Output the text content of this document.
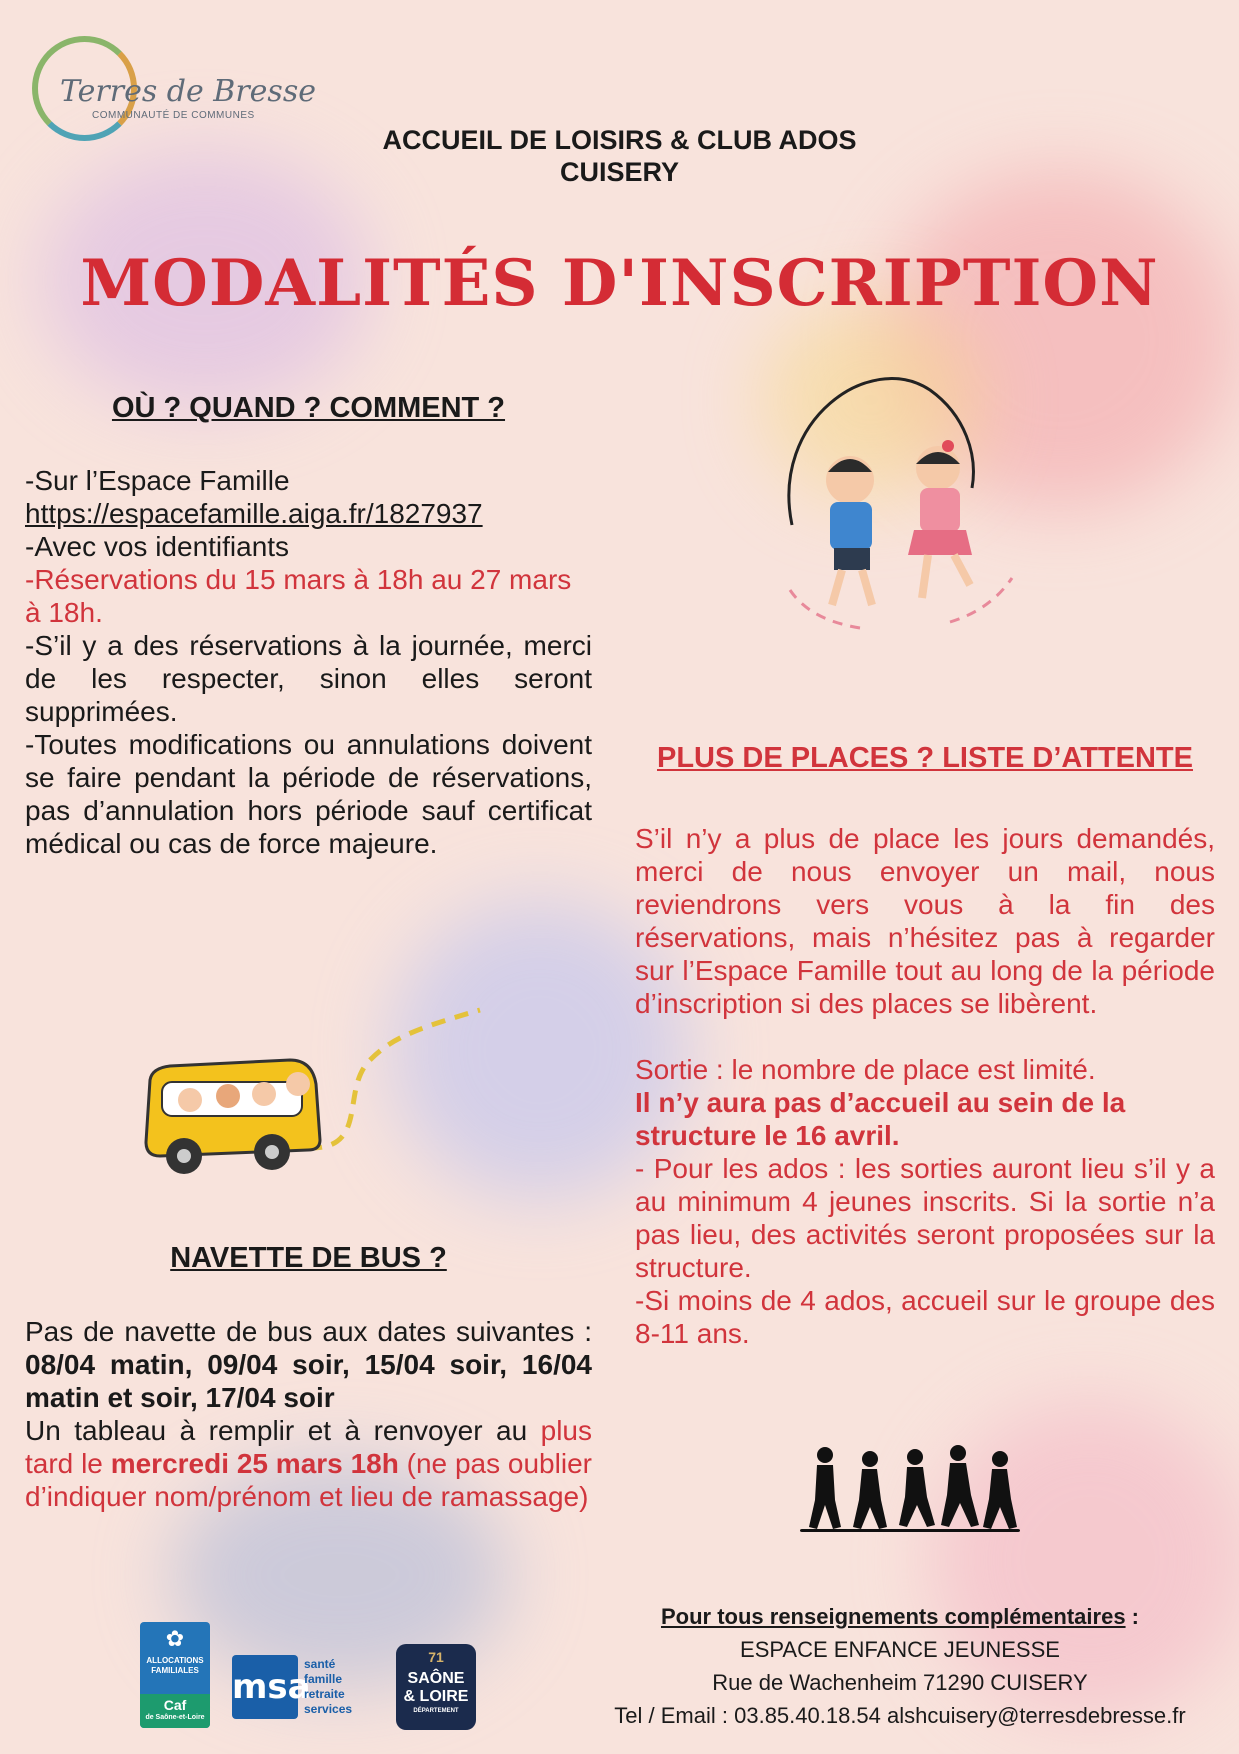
Terres de Bresse
COMMUNAUTÉ DE COMMUNES
ACCUEIL DE LOISIRS & CLUB ADOS
CUISERY
MODALITÉS D'INSCRIPTION
OÙ ? QUAND ? COMMENT ?

-Sur l’Espace Famille

https://espacefamille.aiga.fr/1827937

-Avec vos identifiants

-Réservations du 15 mars à 18h au 27 mars à 18h.

-S’il y a des réservations à la journée, merci de les respecter, sinon elles seront supprimées.

-Toutes modifications ou annulations doivent se faire pendant la période de réservations, pas d’annulation hors période sauf certificat médical ou cas de force majeure.

PLUS DE PLACES ? LISTE D’ATTENTE

S’il n’y a plus de place les jours demandés, merci de nous envoyer un mail, nous reviendrons vers vous à la fin des réservations, mais n’hésitez pas à regarder sur l’Espace Famille tout au long de la période d’inscription si des places se libèrent.

Sortie : le nombre de place est limité.

Il n’y aura pas d’accueil au sein de la structure le 16 avril.

- Pour les ados : les sorties auront lieu s’il y a au minimum 4 jeunes inscrits. Si la sortie n’a pas lieu, des activités seront proposées sur la structure.

-Si moins de 4 ados, accueil sur le groupe des 8-11 ans.

NAVETTE DE BUS ?

Pas de navette de bus aux dates suivantes : 08/04 matin, 09/04 soir, 15/04 soir, 16/04 matin et soir, 17/04 soir

Un tableau à remplir et à renvoyer au plus tard le mercredi 25 mars 18h (ne pas oublier d’indiquer nom/prénom et lieu de ramassage)

✿
ALLOCATIONS FAMILIALES
Caf
de Saône-et-Loire
msa
santé
famille
retraite
services
71
SAÔNE
& LOIRE
DÉPARTEMENT
Pour tous renseignements complémentaires :
ESPACE ENFANCE JEUNESSE
Rue de Wachenheim 71290 CUISERY
Tel / Email : 03.85.40.18.54 alshcuisery@terresdebresse.fr
